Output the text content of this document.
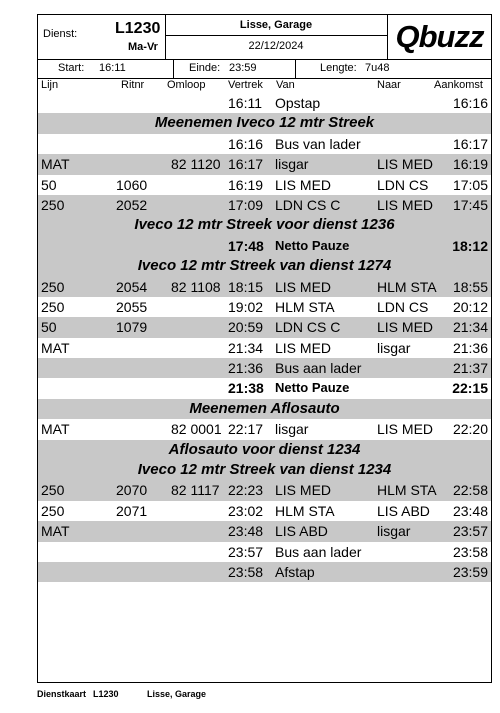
Dienst: L1230
Ma-Vr
Lisse, Garage
22/12/2024	Qbuzz
Start: 16:11	Einde: 23:59	Lengte: 7u48
Lijn	Ritnr Omloop Vertrek Van	Naar	Aankomst
16:11 Opstap	16:16
Meenemen Iveco 12 mtr Streek
16:16 Bus van lader	16:17
MAT	82 1120 16:17 lisgar	LIS MED 16:19
50	1060	16:19 LIS MED	LDN CS 17:05
250	2052	17:09 LDN CS C	LIS MED 17:45
Iveco 12 mtr Streek voor dienst 1236
17:48 Netto Pauze	18:12
Iveco 12 mtr Streek van dienst 1274
250	2054 82 1108 18:15 LIS MED	HLM STA 18:55
250	2055	19:02 HLM STA	LDN CS 20:12
50	1079	20:59 LDN CS C	LIS MED 21:34
MAT	21:34 LIS MED	lisgar	21:36
21:36 Bus aan lader	21:37
21:38 Netto Pauze	22:15
Meenemen Aflosauto
MAT	82 0001 22:17 lisgar	LIS MED 22:20
Aflosauto voor dienst 1234
Iveco 12 mtr Streek van dienst 1234
250	2070 82 1117 22:23 LIS MED	HLM STA 22:58
250	2071	23:02 HLM STA	LIS ABD 23:48
MAT	23:48 LIS ABD	lisgar	23:57
23:57 Bus aan lader	23:58
23:58 Afstap	23:59
Dienstkaart L1230	Lisse, Garage
